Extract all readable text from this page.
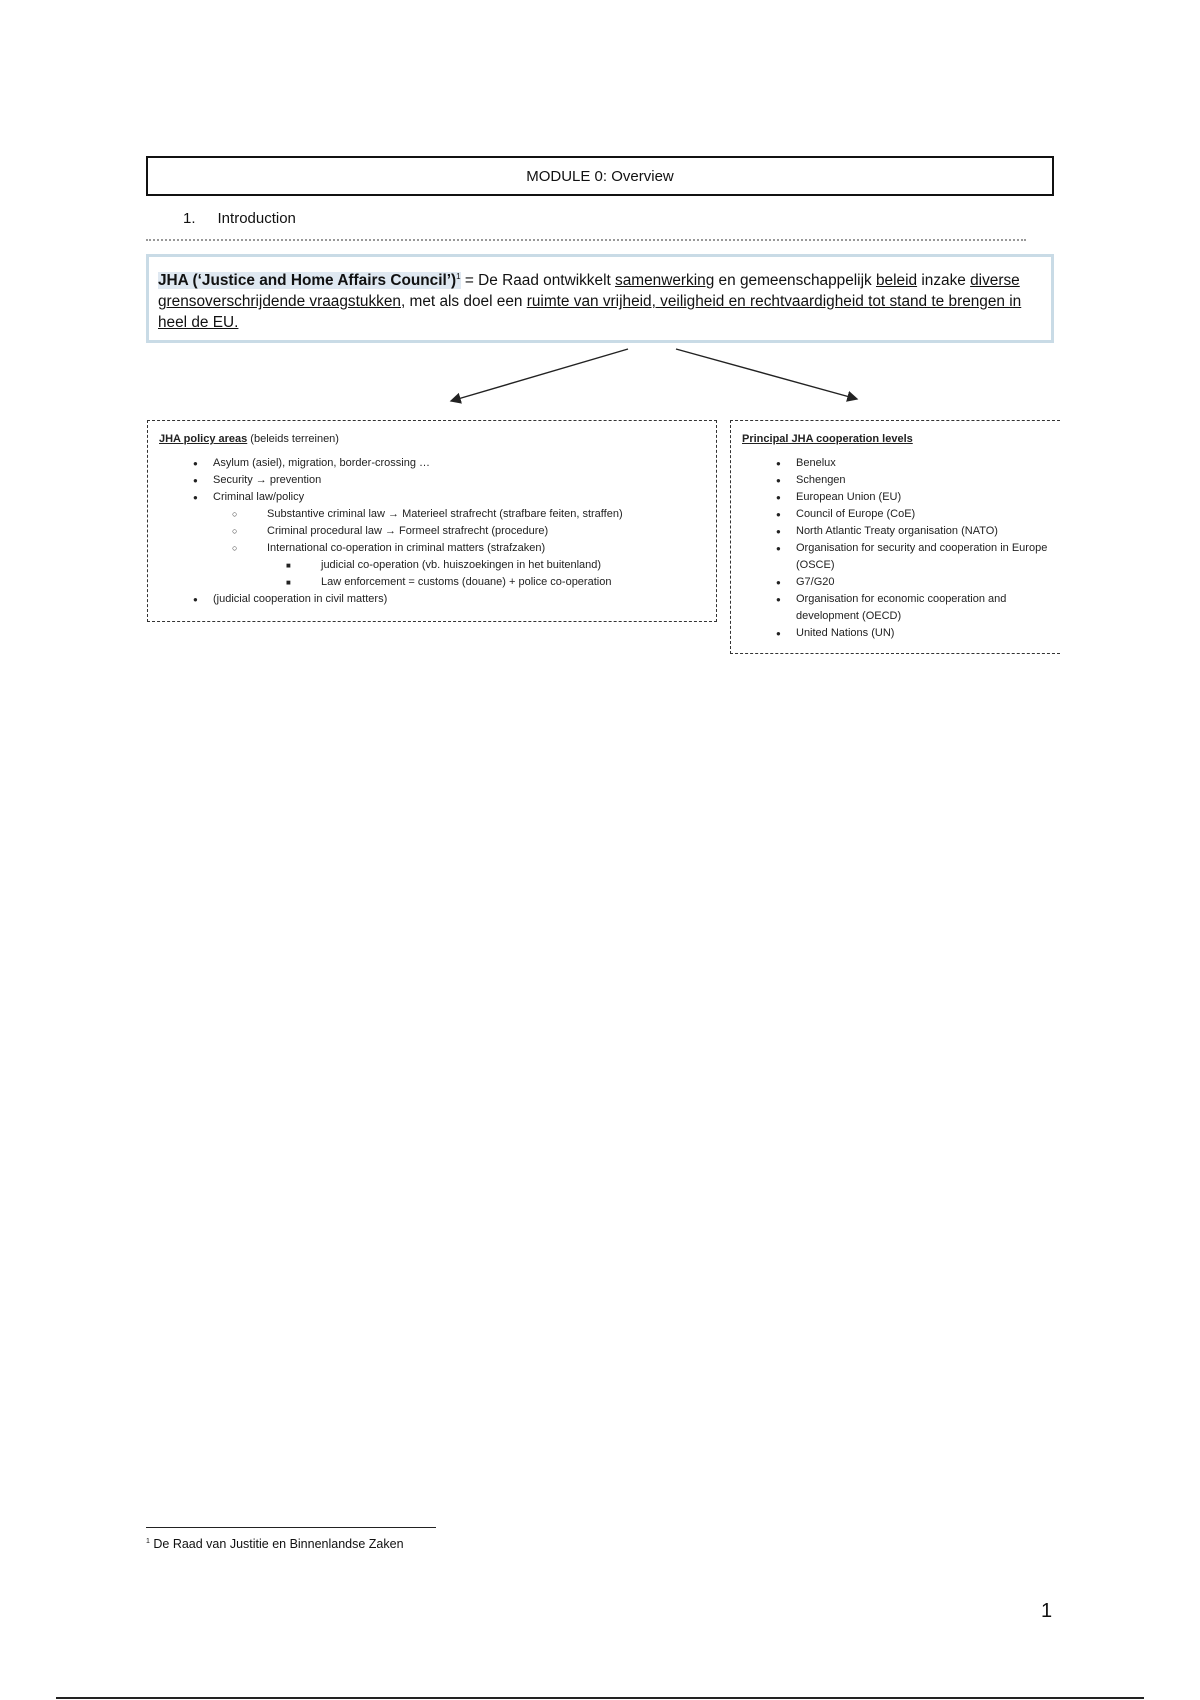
MODULE 0: Overview
1. Introduction
JHA (‘Justice and Home Affairs Council’)$^1$ = De Raad ontwikkelt samenwerking en gemeenschappelijk beleid inzake diverse grensoverschrijdende vraagstukken, met als doel een ruimte van vrijheid, veiligheid en rechtvaardigheid tot stand te brengen in heel de EU.
JHA policy areas (beleids terreinen)
● Asylum (asiel), migration, border-crossing …
● Security → prevention
● Criminal law/policy
○ Substantive criminal law → Materieel strafrecht (strafbare feiten, straffen)
○ Criminal procedural law → Formeel strafrecht (procedure)
○ International co-operation in criminal matters (strafzaken)
■ judicial co-operation (vb. huiszoekingen in het buitenland)
■ Law enforcement = customs (douane) + police co-operation
● (judicial cooperation in civil matters)
Principal JHA cooperation levels
● Benelux
● Schengen
● European Union (EU)
● Council of Europe (CoE)
● North Atlantic Treaty organisation (NATO)
● Organisation for security and cooperation in Europe (OSCE)
● G7/G20
● Organisation for economic cooperation and development (OECD)
● United Nations (UN)
$^1$ De Raad van Justitie en Binnenlandse Zaken
1
